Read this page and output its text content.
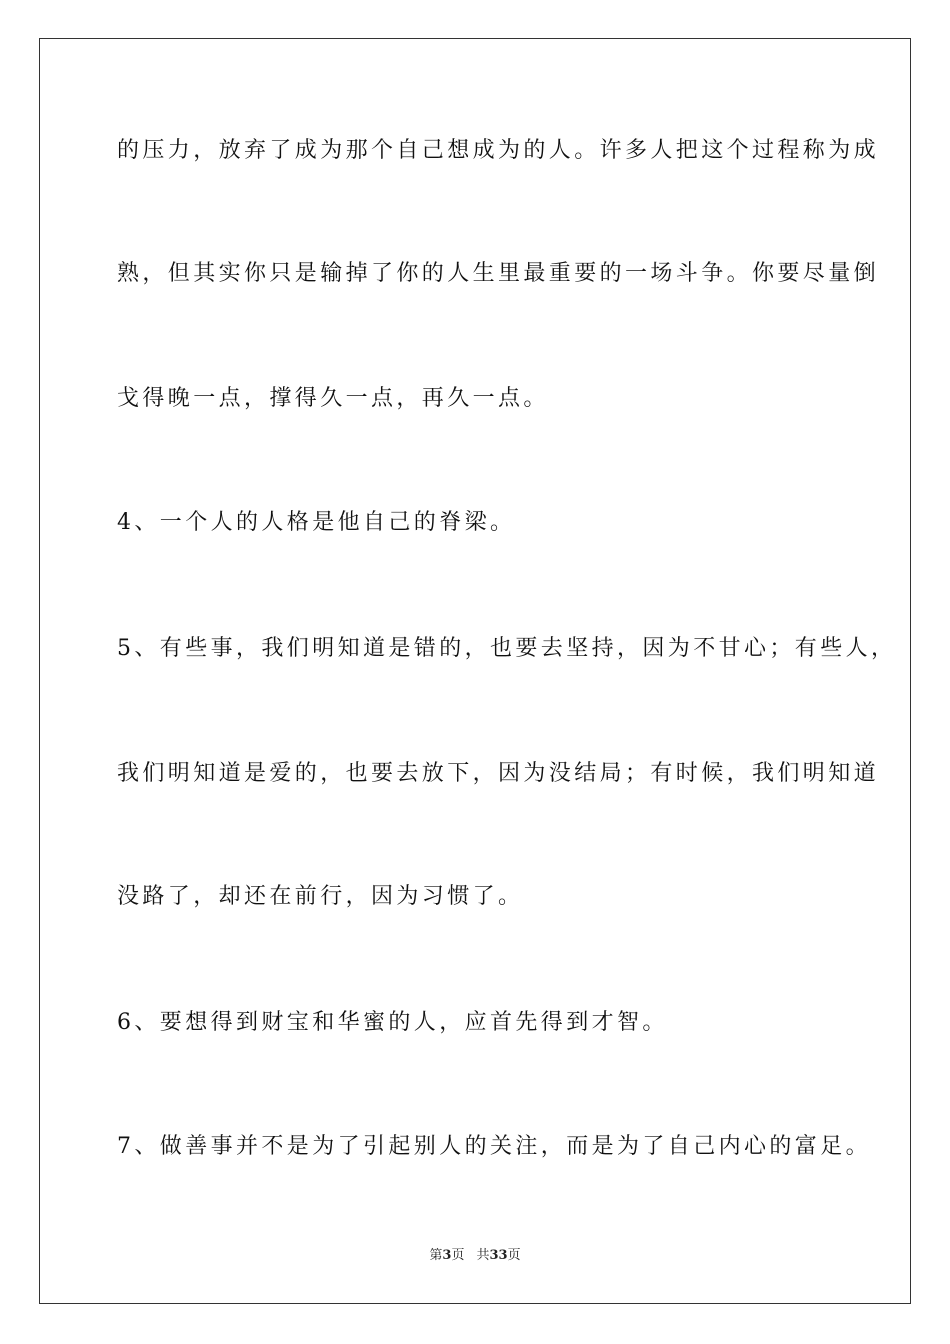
的压力，放弃了成为那个自己想成为的人。许多人把这个过程称为成
熟，但其实你只是输掉了你的人生里最重要的一场斗争。你要尽量倒
戈得晚一点，撑得久一点，再久一点。
4、一个人的人格是他自己的脊梁。
5、有些事，我们明知道是错的，也要去坚持，因为不甘心；有些人，
我们明知道是爱的，也要去放下，因为没结局；有时候，我们明知道
没路了，却还在前行，因为习惯了。
6、要想得到财宝和华蜜的人，应首先得到才智。
7、做善事并不是为了引起别人的关注，而是为了自己内心的富足。
第3页 共33页
